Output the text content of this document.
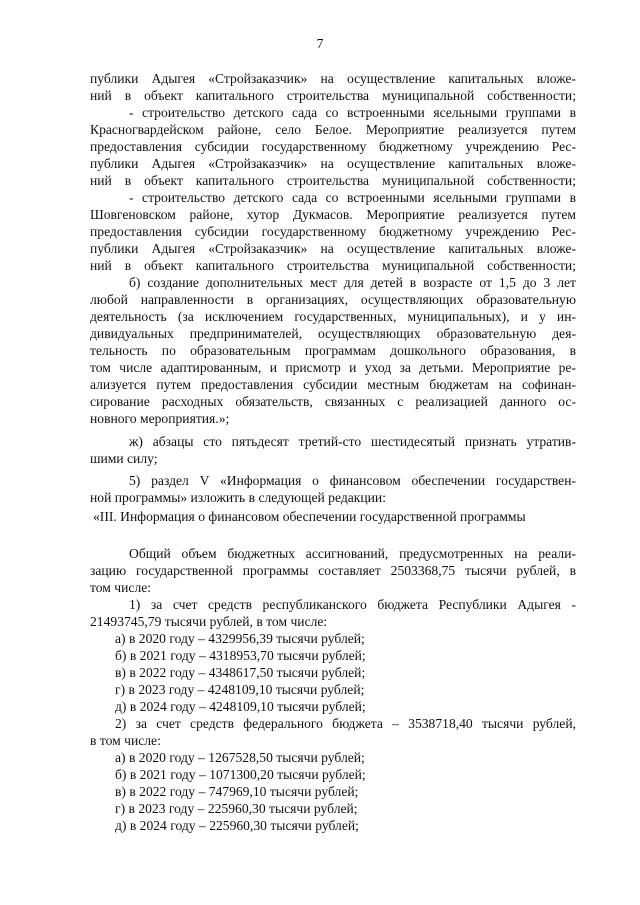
7
публики Адыгея «Стройзаказчик» на осуществление капитальных вложе-
ний в объект капитального строительства муниципальной собственности;
- строительство детского сада со встроенными ясельными группами в
Красногвардейском районе, село Белое. Мероприятие реализуется путем
предоставления субсидии государственному бюджетному учреждению Рес-
публики Адыгея «Стройзаказчик» на осуществление капитальных вложе-
ний в объект капитального строительства муниципальной собственности;
- строительство детского сада со встроенными ясельными группами в
Шовгеновском районе, хутор Дукмасов. Мероприятие реализуется путем
предоставления субсидии государственному бюджетному учреждению Рес-
публики Адыгея «Стройзаказчик» на осуществление капитальных вложе-
ний в объект капитального строительства муниципальной собственности;
б) создание дополнительных мест для детей в возрасте от 1,5 до 3 лет
любой направленности в организациях, осуществляющих образовательную
деятельность (за исключением государственных, муниципальных), и у ин-
дивидуальных предпринимателей, осуществляющих образовательную дея-
тельность по образовательным программам дошкольного образования, в
том числе адаптированным, и присмотр и уход за детьми. Мероприятие ре-
ализуется путем предоставления субсидии местным бюджетам на софинан-
сирование расходных обязательств, связанных с реализацией данного ос-
новного мероприятия.»;
ж) абзацы сто пятьдесят третий-сто шестидесятый признать утратив-
шими силу;
5) раздел V «Информация о финансовом обеспечении государствен-
ной программы» изложить в следующей редакции:
«III. Информация о финансовом обеспечении государственной программы
Общий объем бюджетных ассигнований, предусмотренных на реали-
зацию государственной программы составляет 2503368,75 тысячи рублей, в
том числе:
1) за счет средств республиканского бюджета Республики Адыгея -
21493745,79 тысячи рублей, в том числе:
а) в 2020 году – 4329956,39 тысячи рублей;
б) в 2021 году – 4318953,70 тысячи рублей;
в) в 2022 году – 4348617,50 тысячи рублей;
г) в 2023 году – 4248109,10 тысячи рублей;
д) в 2024 году – 4248109,10 тысячи рублей;
2) за счет средств федерального бюджета – 3538718,40 тысячи рублей,
в том числе:
а) в 2020 году – 1267528,50 тысячи рублей;
б) в 2021 году – 1071300,20 тысячи рублей;
в) в 2022 году – 747969,10 тысячи рублей;
г) в 2023 году – 225960,30 тысячи рублей;
д) в 2024 году – 225960,30 тысячи рублей;
